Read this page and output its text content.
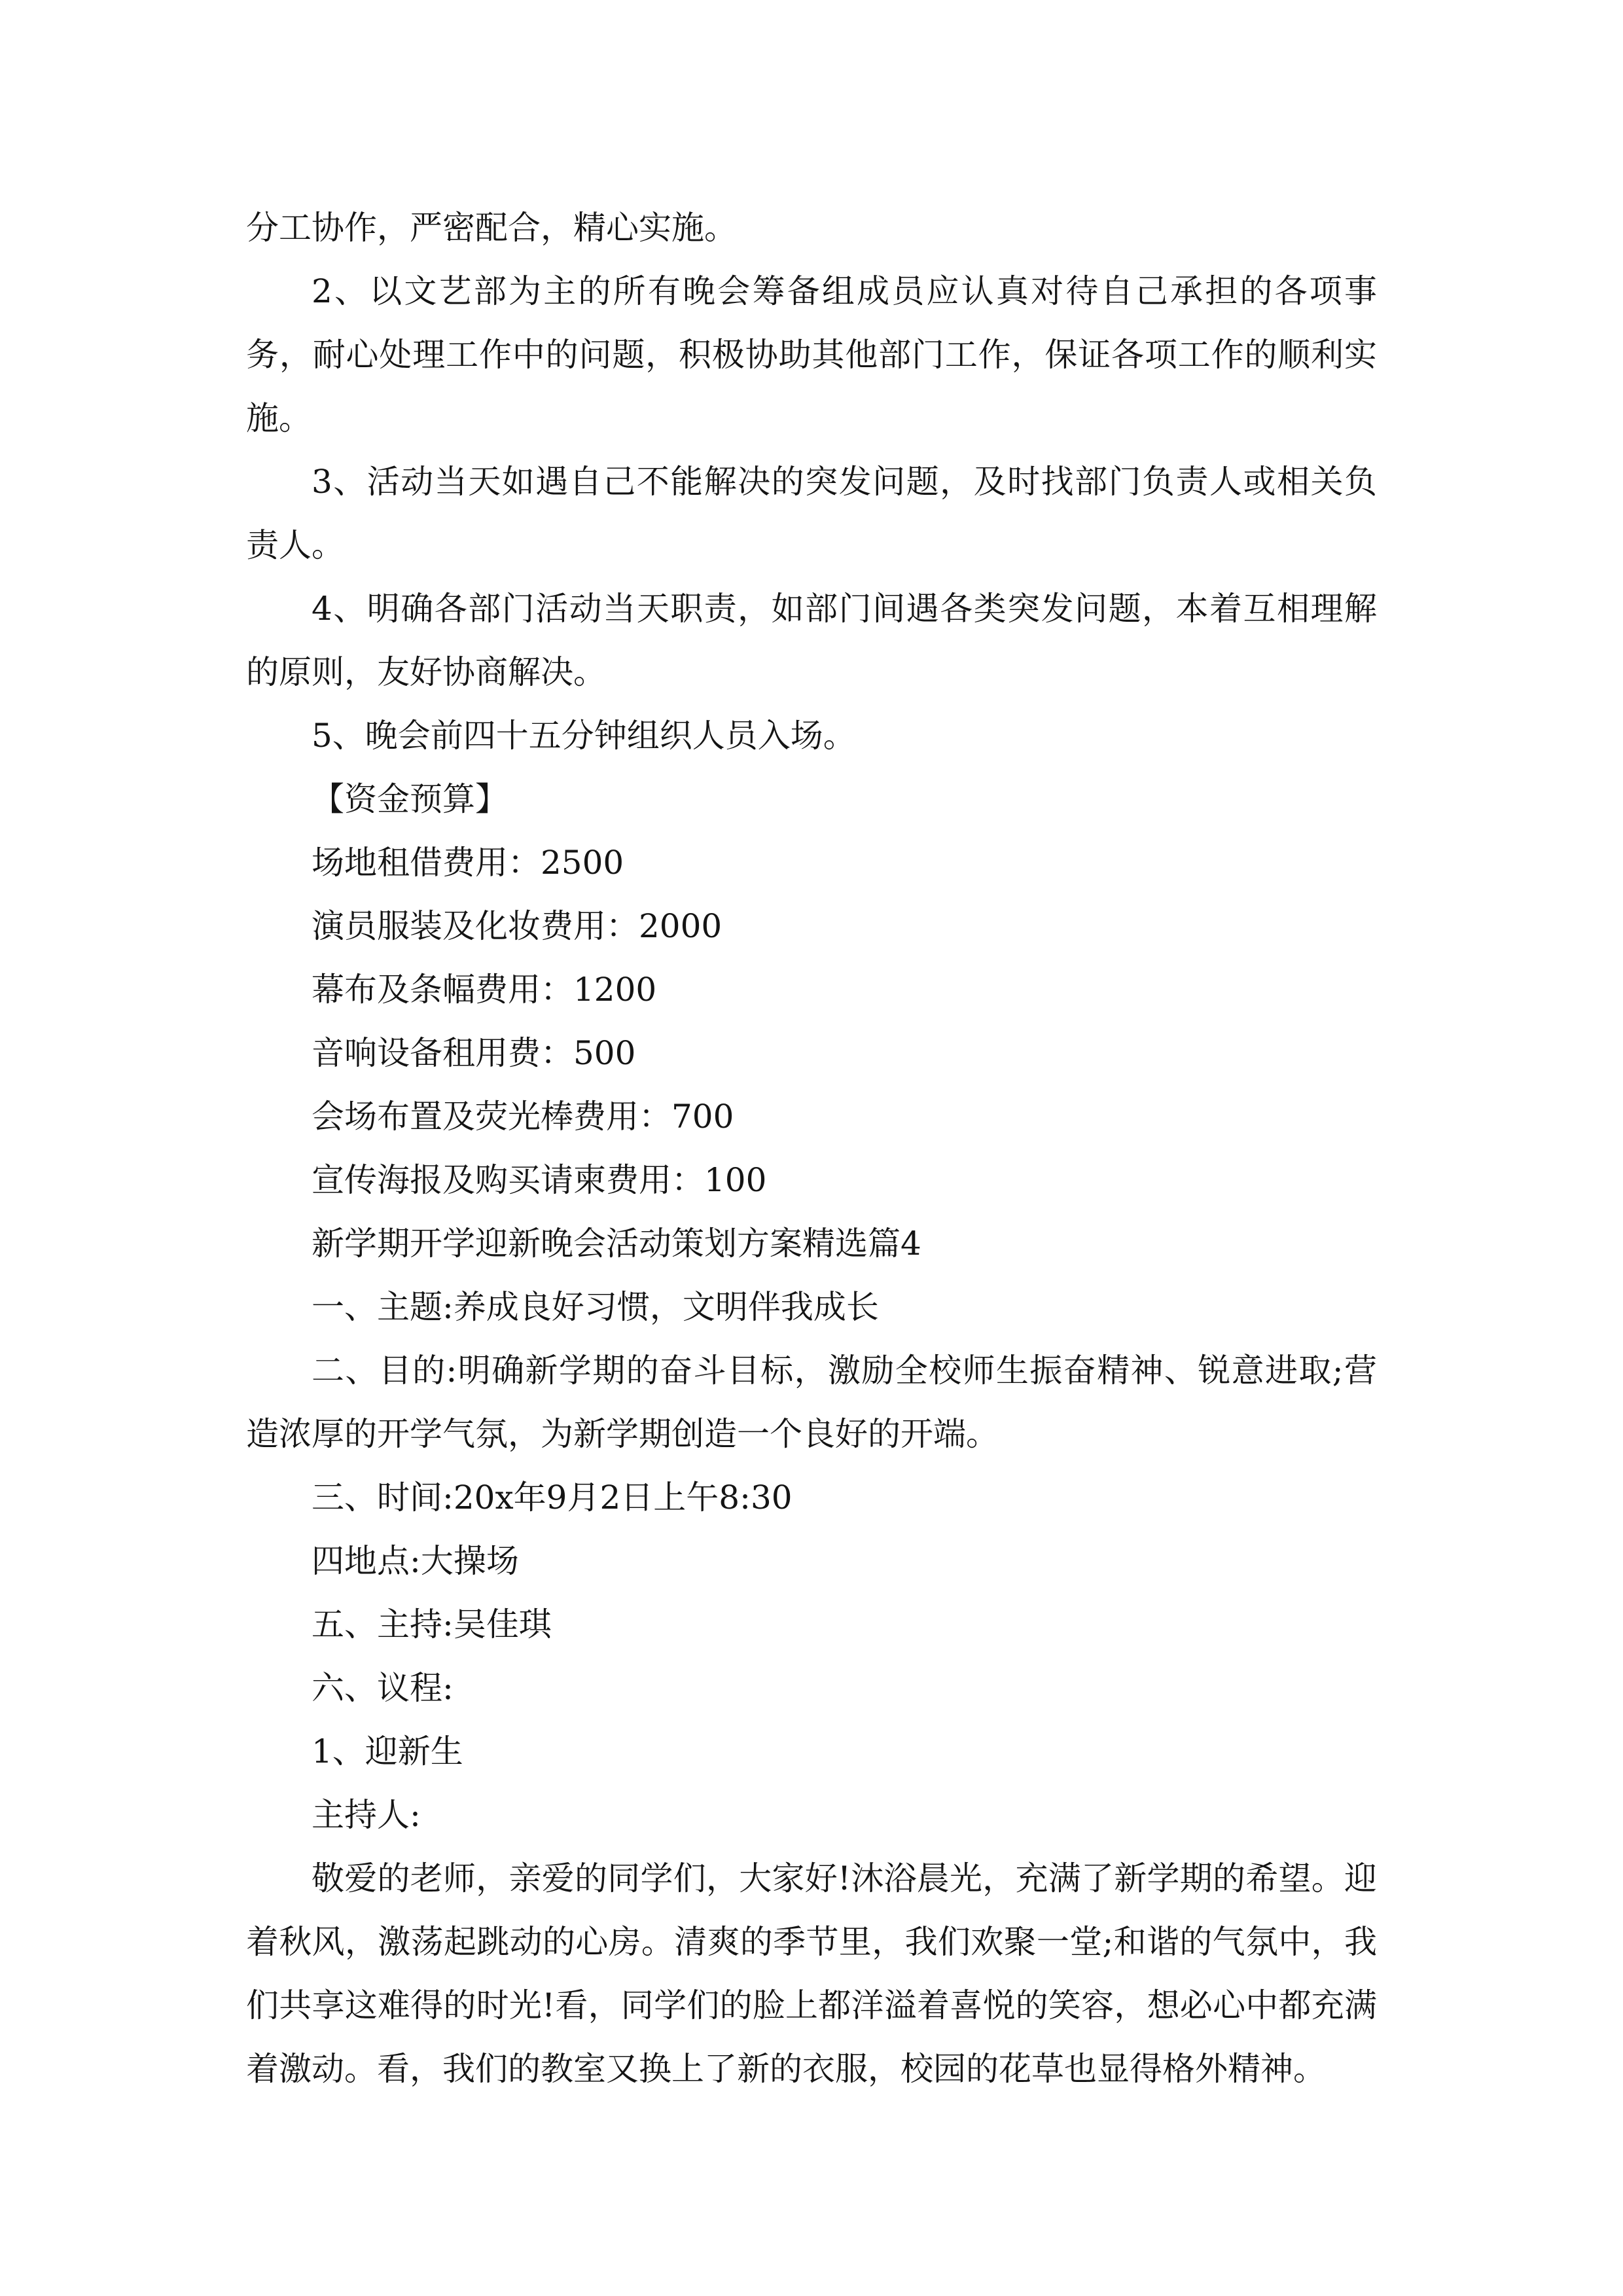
分工协作，严密配合，精心实施。
2、以文艺部为主的所有晚会筹备组成员应认真对待自己承担的各项事务，耐心处理工作中的问题，积极协助其他部门工作，保证各项工作的顺利实施。
3、活动当天如遇自己不能解决的突发问题，及时找部门负责人或相关负责人。
4、明确各部门活动当天职责，如部门间遇各类突发问题，本着互相理解的原则，友好协商解决。
5、晚会前四十五分钟组织人员入场。
【资金预算】
场地租借费用：2500
演员服装及化妆费用：2000
幕布及条幅费用：1200
音响设备租用费：500
会场布置及荧光棒费用：700
宣传海报及购买请柬费用：100
新学期开学迎新晚会活动策划方案精选篇4
一、主题:养成良好习惯，文明伴我成长
二、目的:明确新学期的奋斗目标，激励全校师生振奋精神、锐意进取;营造浓厚的开学气氛，为新学期创造一个良好的开端。
三、时间:20x年9月2日上午8:30
四地点:大操场
五、主持:吴佳琪
六、议程:
1、迎新生
主持人:
敬爱的老师，亲爱的同学们，大家好!沐浴晨光，充满了新学期的希望。迎着秋风，激荡起跳动的心房。清爽的季节里，我们欢聚一堂;和谐的气氛中，我们共享这难得的时光!看，同学们的脸上都洋溢着喜悦的笑容，想必心中都充满着激动。看，我们的教室又换上了新的衣服，校园的花草也显得格外精神。
